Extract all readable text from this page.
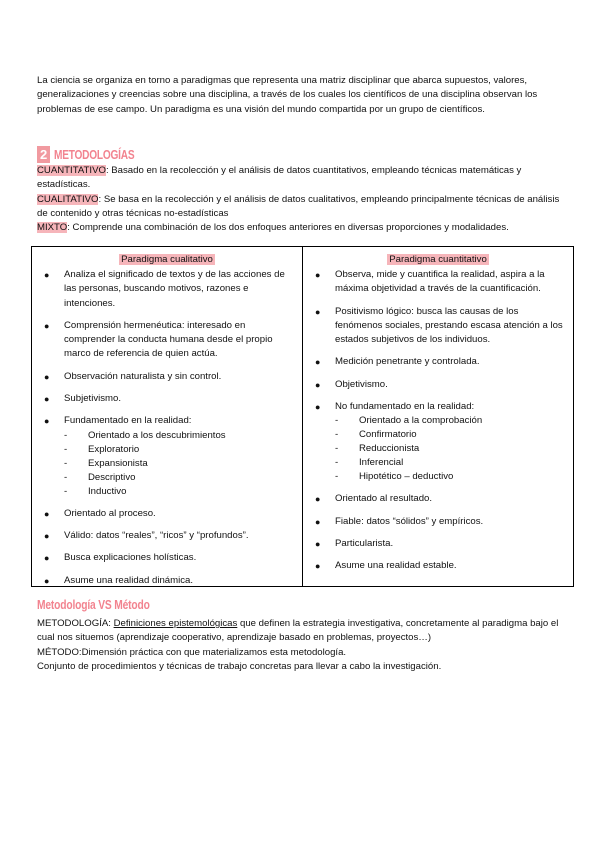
La ciencia se organiza en torno a paradigmas que representa una matriz disciplinar que abarca supuestos, valores, generalizaciones y creencias sobre una disciplina, a través de los cuales los científicos de una disciplina observan los problemas de ese campo. Un paradigma es una visión del mundo compartida por un grupo de científicos.

2 METODOLOGÍAS

CUANTITATIVO: Basado en la recolección y el análisis de datos cuantitativos, empleando técnicas matemáticas y estadísticas.

CUALITATIVO: Se basa en la recolección y el análisis de datos cualitativos, empleando principalmente técnicas de análisis de contenido y otras técnicas no-estadísticas

MIXTO: Comprende una combinación de los dos enfoques anteriores en diversas proporciones y modalidades.

Paradigma cualitativo
● Analiza el significado de textos y de las acciones de las personas, buscando motivos, razones e intenciones.
● Comprensión hermenéutica: interesado en comprender la conducta humana desde el propio marco de referencia de quien actúa.
● Observación naturalista y sin control.
● Subjetivismo.
● Fundamentado en la realidad:
- Orientado a los descubrimientos
- Exploratorio
- Expansionista
- Descriptivo
- Inductivo
● Orientado al proceso.
● Válido: datos “reales”, “ricos” y “profundos”.
● Busca explicaciones holísticas.
● Asume una realidad dinámica.
Paradigma cuantitativo
● Observa, mide y cuantifica la realidad, aspira a la máxima objetividad a través de la cuantificación.
● Positivismo lógico: busca las causas de los fenómenos sociales, prestando escasa atención a los estados subjetivos de los individuos.
● Medición penetrante y controlada.
● Objetivismo.
● No fundamentado en la realidad:
- Orientado a la comprobación
- Confirmatorio
- Reduccionista
- Inferencial
- Hipotético – deductivo
● Orientado al resultado.
● Fiable: datos “sólidos” y empíricos.
● Particularista.
● Asume una realidad estable.
Metodología VS Método

METODOLOGÍA: Definiciones epistemológicas que definen la estrategia investigativa, concretamente al paradigma bajo el cual nos situemos (aprendizaje cooperativo, aprendizaje basado en problemas, proyectos…)

MÉTODO:Dimensión práctica con que materializamos esta metodología.

Conjunto de procedimientos y técnicas de trabajo concretas para llevar a cabo la investigación.
